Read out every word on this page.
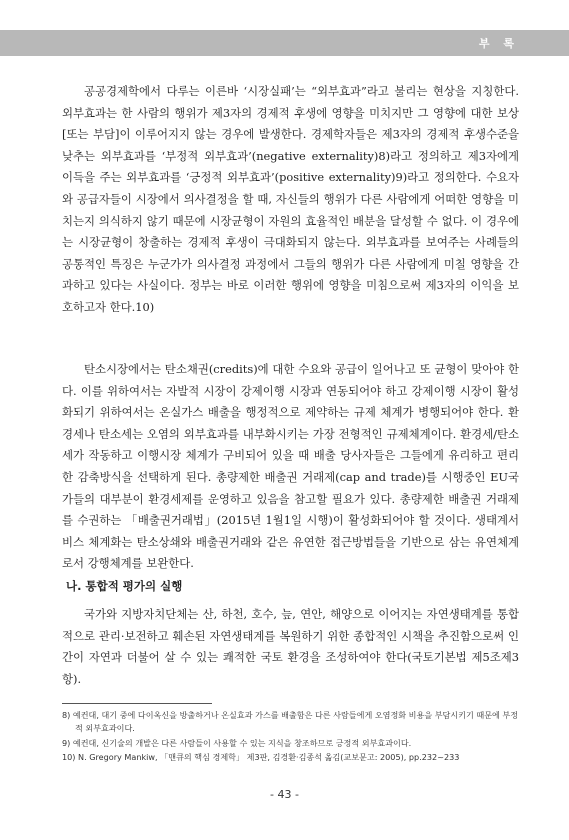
부 록

공공경제학에서 다루는 이른바 ‘시장실패’는 “외부효과”라고 불리는 현상을 지칭한다. 외부효과는 한 사람의 행위가 제3자의 경제적 후생에 영향을 미치지만 그 영향에 대한 보상[또는 부담]이 이루어지지 않는 경우에 발생한다. 경제학자들은 제3자의 경제적 후생수준을 낮추는 외부효과를 ‘부정적 외부효과’(negative externality)8)라고 정의하고 제3자에게 이득을 주는 외부효과를 ‘긍정적 외부효과’(positive externality)9)라고 정의한다. 수요자와 공급자들이 시장에서 의사결정을 할 때, 자신들의 행위가 다른 사람에게 어떠한 영향을 미치는지 의식하지 않기 때문에 시장균형이 자원의 효율적인 배분을 달성할 수 없다. 이 경우에는 시장균형이 창출하는 경제적 후생이 극대화되지 않는다. 외부효과를 보여주는 사례들의 공통적인 특징은 누군가가 의사결정 과정에서 그들의 행위가 다른 사람에게 미칠 영향을 간과하고 있다는 사실이다. 정부는 바로 이러한 행위에 영향을 미침으로써 제3자의 이익을 보호하고자 한다.10)

탄소시장에서는 탄소채권(credits)에 대한 수요와 공급이 일어나고 또 균형이 맞아야 한다. 이를 위하여서는 자발적 시장이 강제이행 시장과 연동되어야 하고 강제이행 시장이 활성화되기 위하여서는 온실가스 배출을 행정적으로 제약하는 규제 체계가 병행되어야 한다. 환경세나 탄소세는 오염의 외부효과를 내부화시키는 가장 전형적인 규제체계이다. 환경세/탄소세가 작동하고 이행시장 체계가 구비되어 있을 때 배출 당사자들은 그들에게 유리하고 편리한 감축방식을 선택하게 된다. 총량제한 배출권 거래제(cap and trade)를 시행중인 EU국가들의 대부분이 환경세제를 운영하고 있음을 참고할 필요가 있다. 총량제한 배출권 거래제를 수권하는 「배출권거래법」(2015년 1월1일 시행)이 활성화되어야 할 것이다. 생태계서비스 체계화는 탄소상쇄와 배출권거래와 같은 유연한 접근방법들을 기반으로 삼는 유연체계로서 강행체계를 보완한다.

나. 통합적 평가의 실행

국가와 지방자치단체는 산, 하천, 호수, 늪, 연안, 해양으로 이어지는 자연생태계를 통합적으로 관리·보전하고 훼손된 자연생태계를 복원하기 위한 종합적인 시책을 추진함으로써 인간이 자연과 더불어 살 수 있는 쾌적한 국토 환경을 조성하여야 한다(국토기본법 제5조제3항).

8) 예컨대, 대기 중에 다이옥신을 방출하거나 온실효과 가스를 배출함은 다른 사람들에게 오염정화 비용을 부담시키기 때문에 부정적 외부효과이다.

9) 예컨대, 신기술의 개발은 다른 사람들이 사용할 수 있는 지식을 창조하므로 긍정적 외부효과이다.

10) N. Gregory Mankiw, 「맨큐의 핵심 경제학」 제3판, 김경환·김종석 옮김(교보문고: 2005), pp.232~233

- 43 -
